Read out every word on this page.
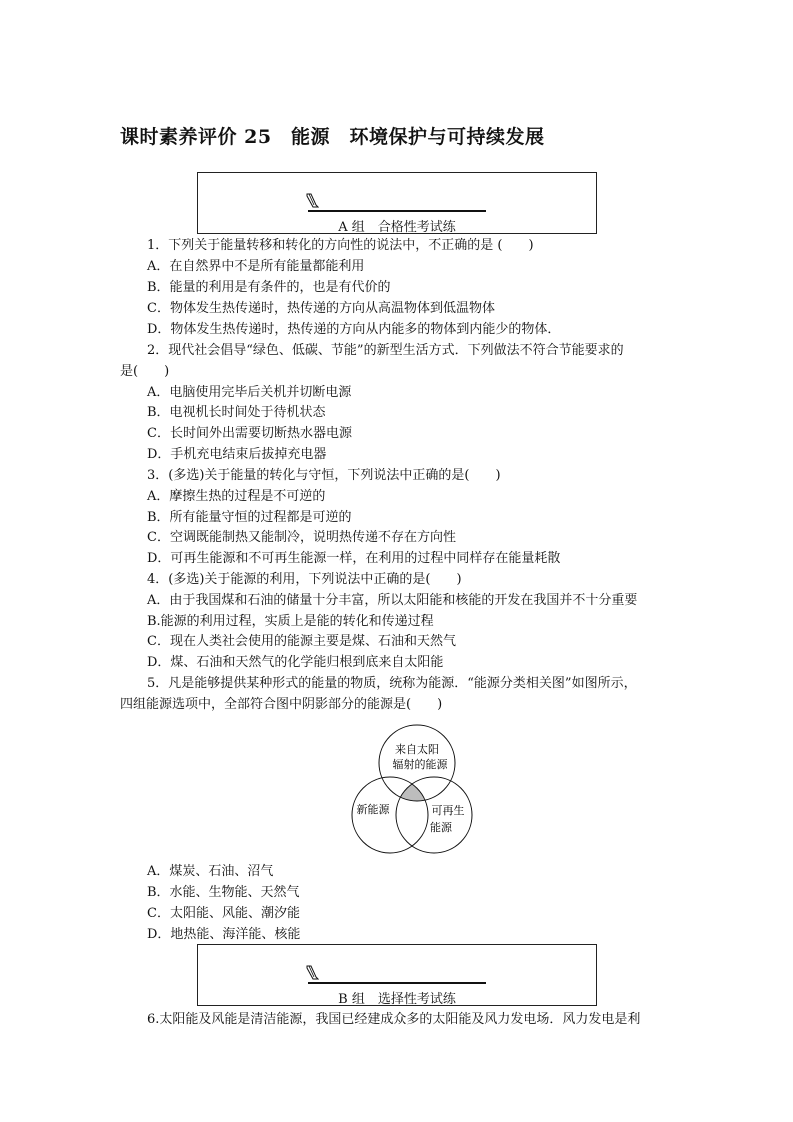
课时素养评价 25　能源　环境保护与可持续发展
A 组　合格性考试练
来自太阳
辐射的能源
新能源	可再生
能源
B 组　选择性考试练
1．下列关于能量转移和转化的方向性的说法中，不正确的是 (　　)
A．在自然界中不是所有能量都能利用
B．能量的利用是有条件的，也是有代价的
C．物体发生热传递时，热传递的方向从高温物体到低温物体
D．物体发生热传递时，热传递的方向从内能多的物体到内能少的物体．
2．现代社会倡导“绿色、低碳、节能”的新型生活方式．下列做法不符合节能要求的
是(　　)
A．电脑使用完毕后关机并切断电源
B．电视机长时间处于待机状态
C．长时间外出需要切断热水器电源
D．手机充电结束后拔掉充电器
3．(多选)关于能量的转化与守恒，下列说法中正确的是(　　)
A．摩擦生热的过程是不可逆的
B．所有能量守恒的过程都是可逆的
C．空调既能制热又能制冷，说明热传递不存在方向性
D．可再生能源和不可再生能源一样，在利用的过程中同样存在能量耗散
4．(多选)关于能源的利用，下列说法中正确的是(　　)
A．由于我国煤和石油的储量十分丰富，所以太阳能和核能的开发在我国并不十分重要
B.能源的利用过程，实质上是能的转化和传递过程
C．现在人类社会使用的能源主要是煤、石油和天然气
D．煤、石油和天然气的化学能归根到底来自太阳能
5．凡是能够提供某种形式的能量的物质，统称为能源．“能源分类相关图”如图所示，
四组能源选项中，全部符合图中阴影部分的能源是(　　)
A．煤炭、石油、沼气
B．水能、生物能、天然气
C．太阳能、风能、潮汐能
D．地热能、海洋能、核能
6.太阳能及风能是清洁能源，我国已经建成众多的太阳能及风力发电场．风力发电是利
